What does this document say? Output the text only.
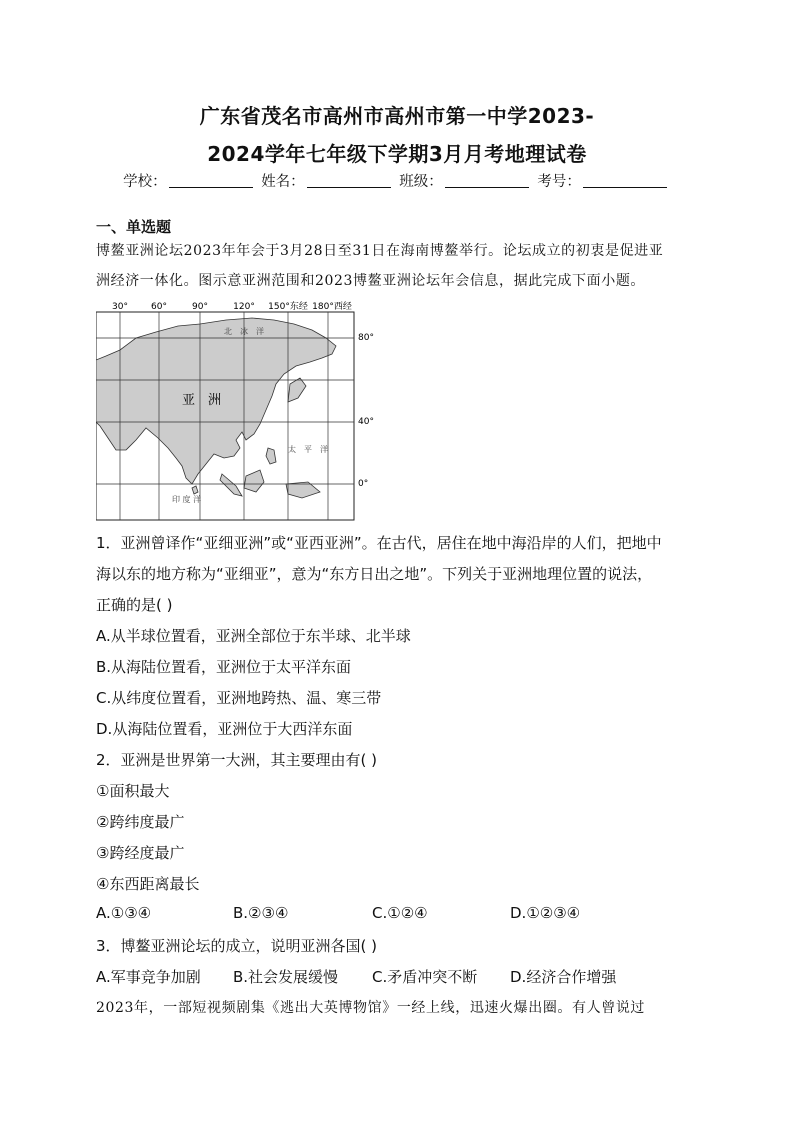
广东省茂名市高州市高州市第一中学2023-
2024学年七年级下学期3月月考地理试卷
学校：	姓名：	班级：	考号：
一、单选题
博鳌亚洲论坛2023年年会于3月28日至31日在海南博鳌举行。论坛成立的初衷是促进亚
洲经济一体化。图示意亚洲范围和2023博鳌亚洲论坛年会信息，据此完成下面小题。
30°	60°	90°	120° 150°东经 180°西经
80°
40°
0°
亚　洲
北　冰　洋
太　平　洋
印 度 洋
1．亚洲曾译作“亚细亚洲”或“亚西亚洲”。在古代，居住在地中海沿岸的人们，把地中
海以东的地方称为“亚细亚”，意为“东方日出之地”。下列关于亚洲地理位置的说法，
正确的是( )
A.从半球位置看，亚洲全部位于东半球、北半球
B.从海陆位置看，亚洲位于太平洋东面
C.从纬度位置看，亚洲地跨热、温、寒三带
D.从海陆位置看，亚洲位于大西洋东面
2．亚洲是世界第一大洲，其主要理由有( )
①面积最大
②跨纬度最广
③跨经度最广
④东西距离最长
A.①③④	B.②③④	C.①②④	D.①②③④
3．博鳌亚洲论坛的成立，说明亚洲各国( )
A.军事竞争加剧 B.社会发展缓慢 C.矛盾冲突不断 D.经济合作增强
2023年，一部短视频剧集《逃出大英博物馆》一经上线，迅速火爆出圈。有人曾说过
